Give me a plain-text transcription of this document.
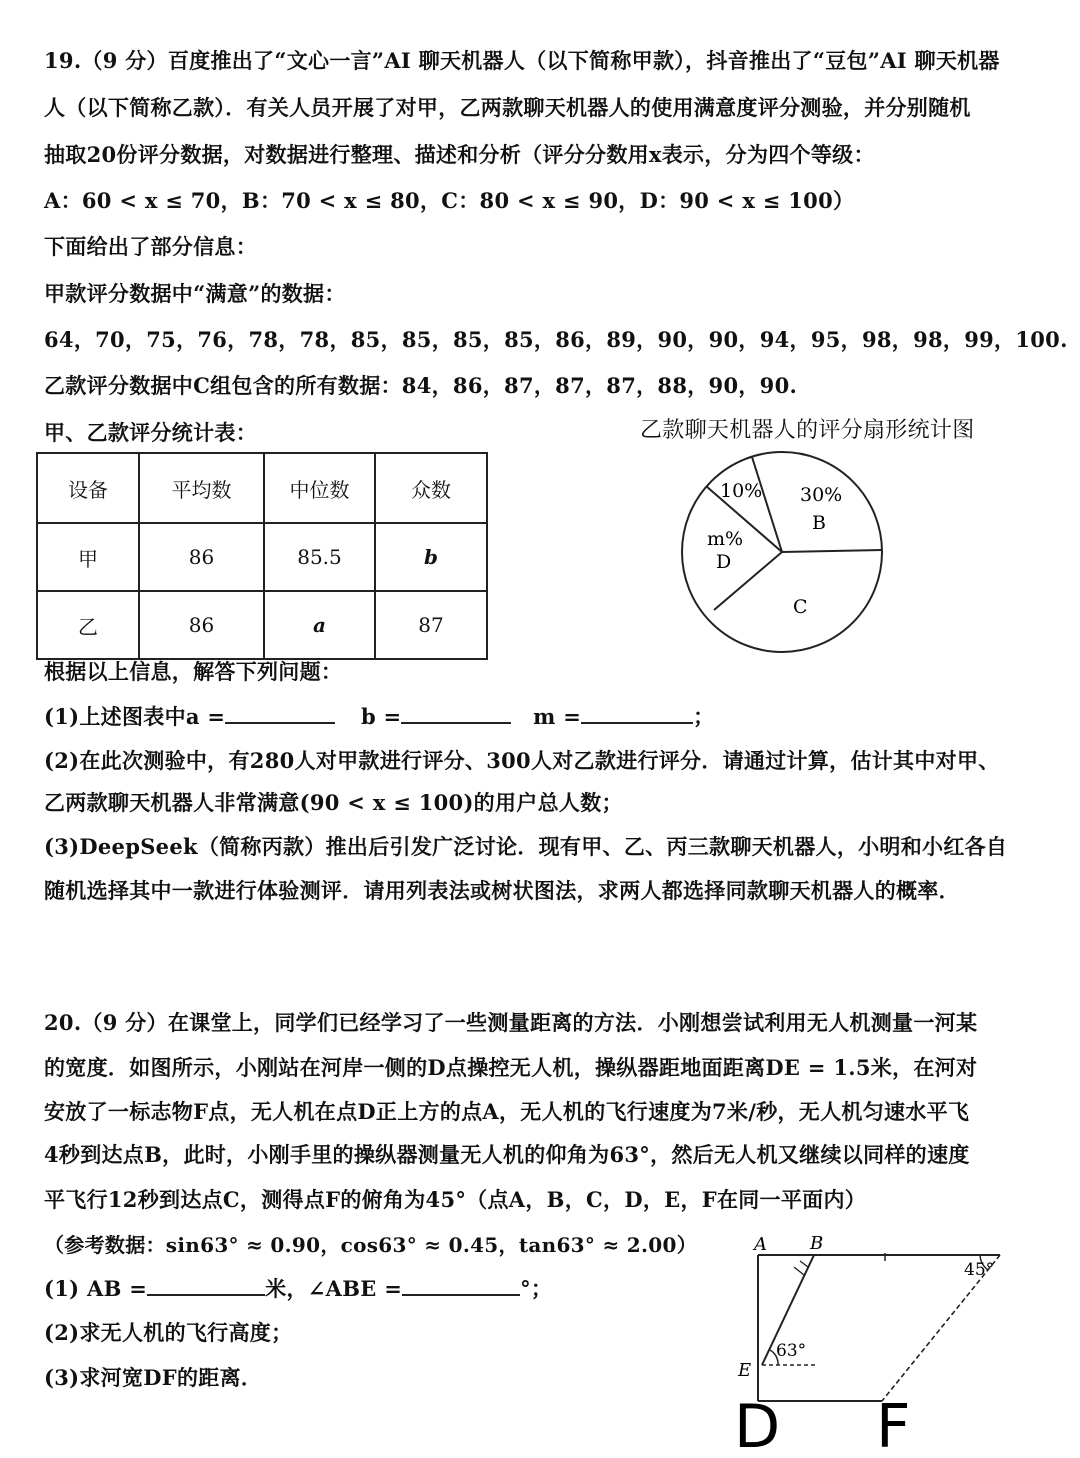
19.（9 分）百度推出了“文心一言”AI 聊天机器人（以下简称甲款），抖音推出了“豆包”AI 聊天机器
人（以下简称乙款）．有关人员开展了对甲，乙两款聊天机器人的使用满意度评分测验，并分别随机
抽取20份评分数据，对数据进行整理、描述和分析（评分分数用x表示，分为四个等级：
A：60 < x ≤ 70，B：70 < x ≤ 80，C：80 < x ≤ 90，D：90 < x ≤ 100）
下面给出了部分信息：
甲款评分数据中“满意”的数据：
64，70，75，76，78，78，85，85，85，85，86，89，90，90，94，95，98，98，99，100.
乙款评分数据中C组包含的所有数据：84，86，87，87，87，88，90，90.
甲、乙款评分统计表：
设备	平均数	中位数	众数
甲	86	85.5	b
乙	86	a	87
乙款聊天机器人的评分扇形统计图
10% 30%
B
m%
D
C
根据以上信息，解答下列问题：
(1)上述图表中a =	b =	m =	；
(2)在此次测验中，有280人对甲款进行评分、300人对乙款进行评分．请通过计算，估计其中对甲、
乙两款聊天机器人非常满意(90 < x ≤ 100)的用户总人数；
(3)DeepSeek（简称丙款）推出后引发广泛讨论．现有甲、乙、丙三款聊天机器人，小明和小红各自
随机选择其中一款进行体验测评．请用列表法或树状图法，求两人都选择同款聊天机器人的概率．
20.（9 分）在课堂上，同学们已经学习了一些测量距离的方法．小刚想尝试利用无人机测量一河某
的宽度．如图所示，小刚站在河岸一侧的D点操控无人机，操纵器距地面距离DE = 1.5米，在河对
安放了一标志物F点，无人机在点D正上方的点A，无人机的飞行速度为7米/秒，无人机匀速水平飞
4秒到达点B，此时，小刚手里的操纵器测量无人机的仰角为63°，然后无人机又继续以同样的速度
平飞行12秒到达点C，测得点F的俯角为45°（点A，B，C，D，E，F在同一平面内）
（参考数据：sin63° ≈ 0.90，cos63° ≈ 0.45，tan63° ≈ 2.00）
(1) AB =	米，∠ABE =	°；
(2)求无人机的飞行高度；
(3)求河宽DF的距离．
A B
E
63°
45°
D F
